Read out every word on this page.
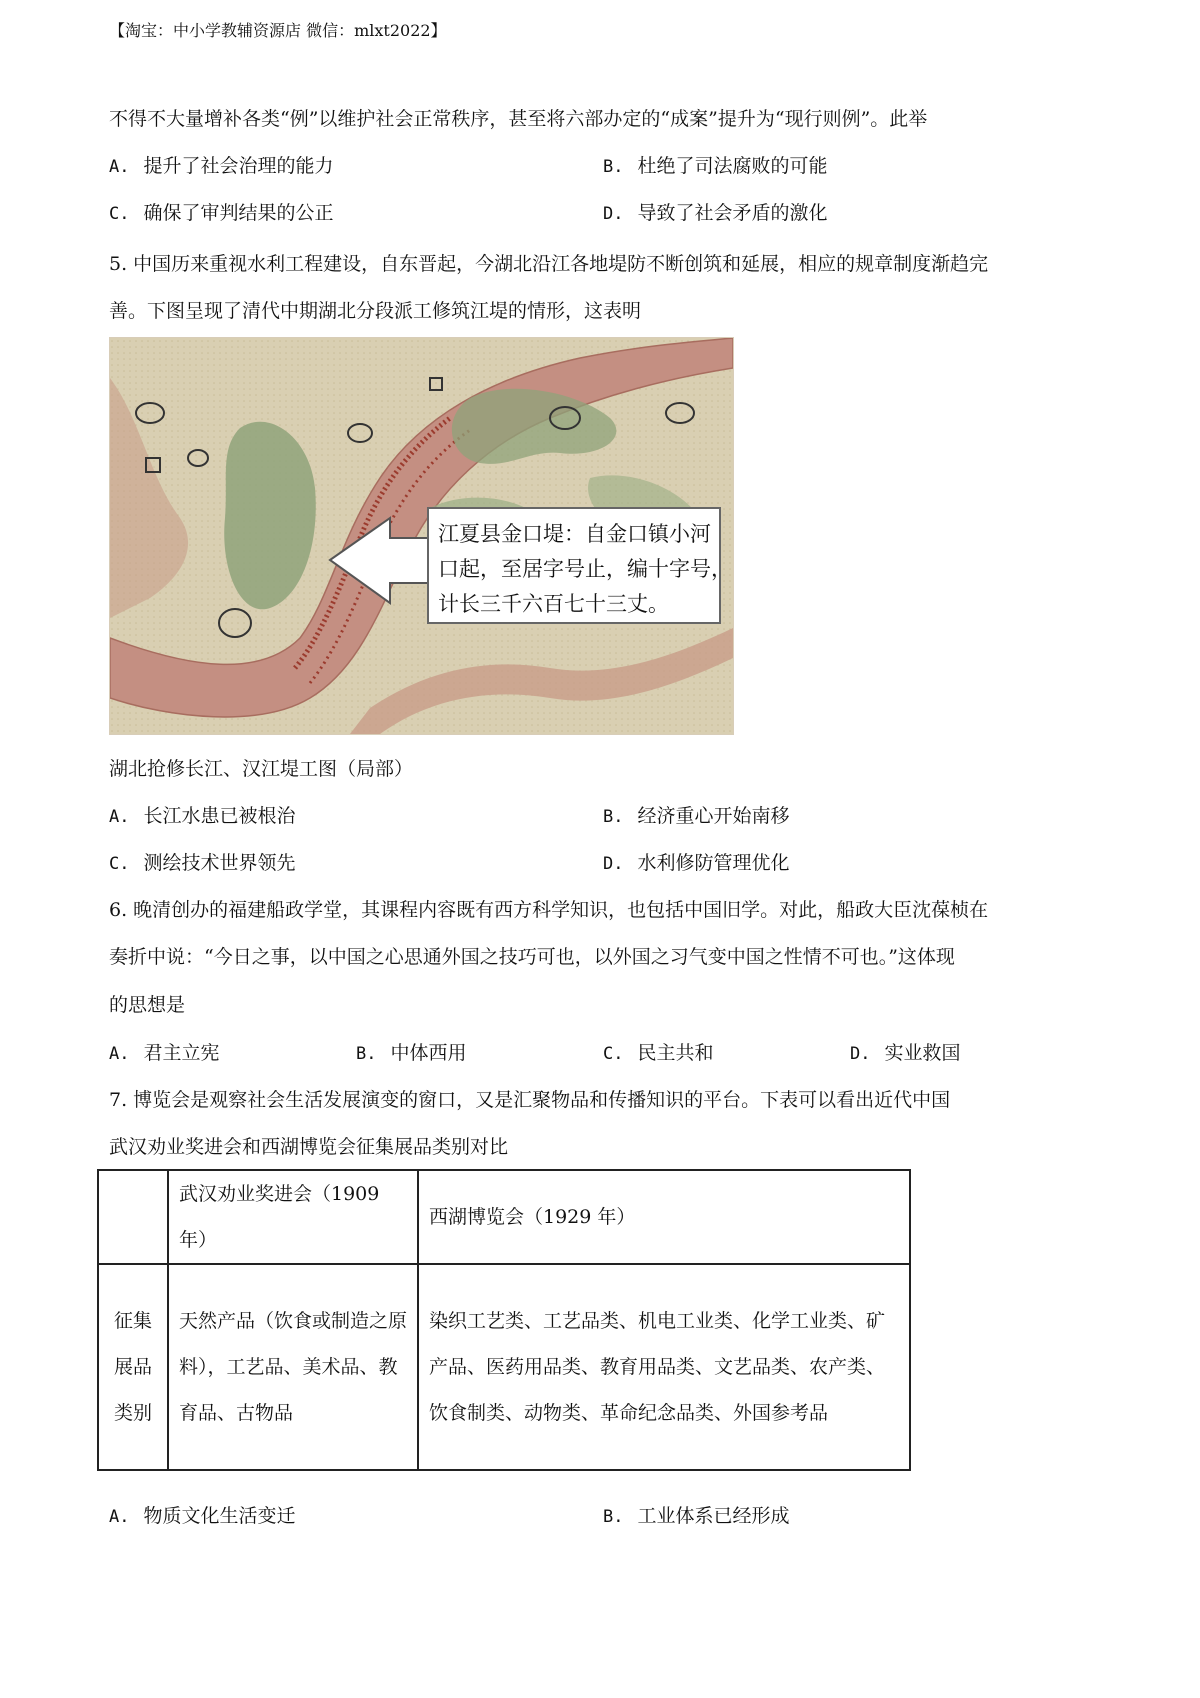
【淘宝：中小学教辅资源店 微信：mlxt2022】
不得不大量增补各类“例”以维护社会正常秩序，甚至将六部办定的“成案”提升为“现行则例”。此举
A. 提升了社会治理的能力	B. 杜绝了司法腐败的可能
C. 确保了审判结果的公正	D. 导致了社会矛盾的激化
5. 中国历来重视水利工程建设，自东晋起，今湖北沿江各地堤防不断创筑和延展，相应的规章制度渐趋完
善。下图呈现了清代中期湖北分段派工修筑江堤的情形，这表明
江夏县金口堤：自金口镇小河
口起，至居字号止，编十字号，
计长三千六百七十三丈。
湖北抢修长江、汉江堤工图（局部）
A. 长江水患已被根治	B. 经济重心开始南移
C. 测绘技术世界领先	D. 水利修防管理优化
6. 晚清创办的福建船政学堂，其课程内容既有西方科学知识，也包括中国旧学。对此，船政大臣沈葆桢在
奏折中说：“今日之事，以中国之心思通外国之技巧可也，以外国之习气变中国之性情不可也。”这体现
的思想是
A. 君主立宪	B. 中体西用	C. 民主共和	D. 实业救国
7. 博览会是观察社会生活发展演变的窗口，又是汇聚物品和传播知识的平台。下表可以看出近代中国
武汉劝业奖进会和西湖博览会征集展品类别对比
	武汉劝业奖进会（1909 年）	西湖博览会（1929 年）
征集展品类别	天然产品（饮食或制造之原料），工艺品、美术品、教育品、古物品	染织工艺类、工艺品类、机电工业类、化学工业类、矿产品、医药用品类、教育用品类、文艺品类、农产类、饮食制类、动物类、革命纪念品类、外国参考品
A. 物质文化生活变迁	B. 工业体系已经形成
